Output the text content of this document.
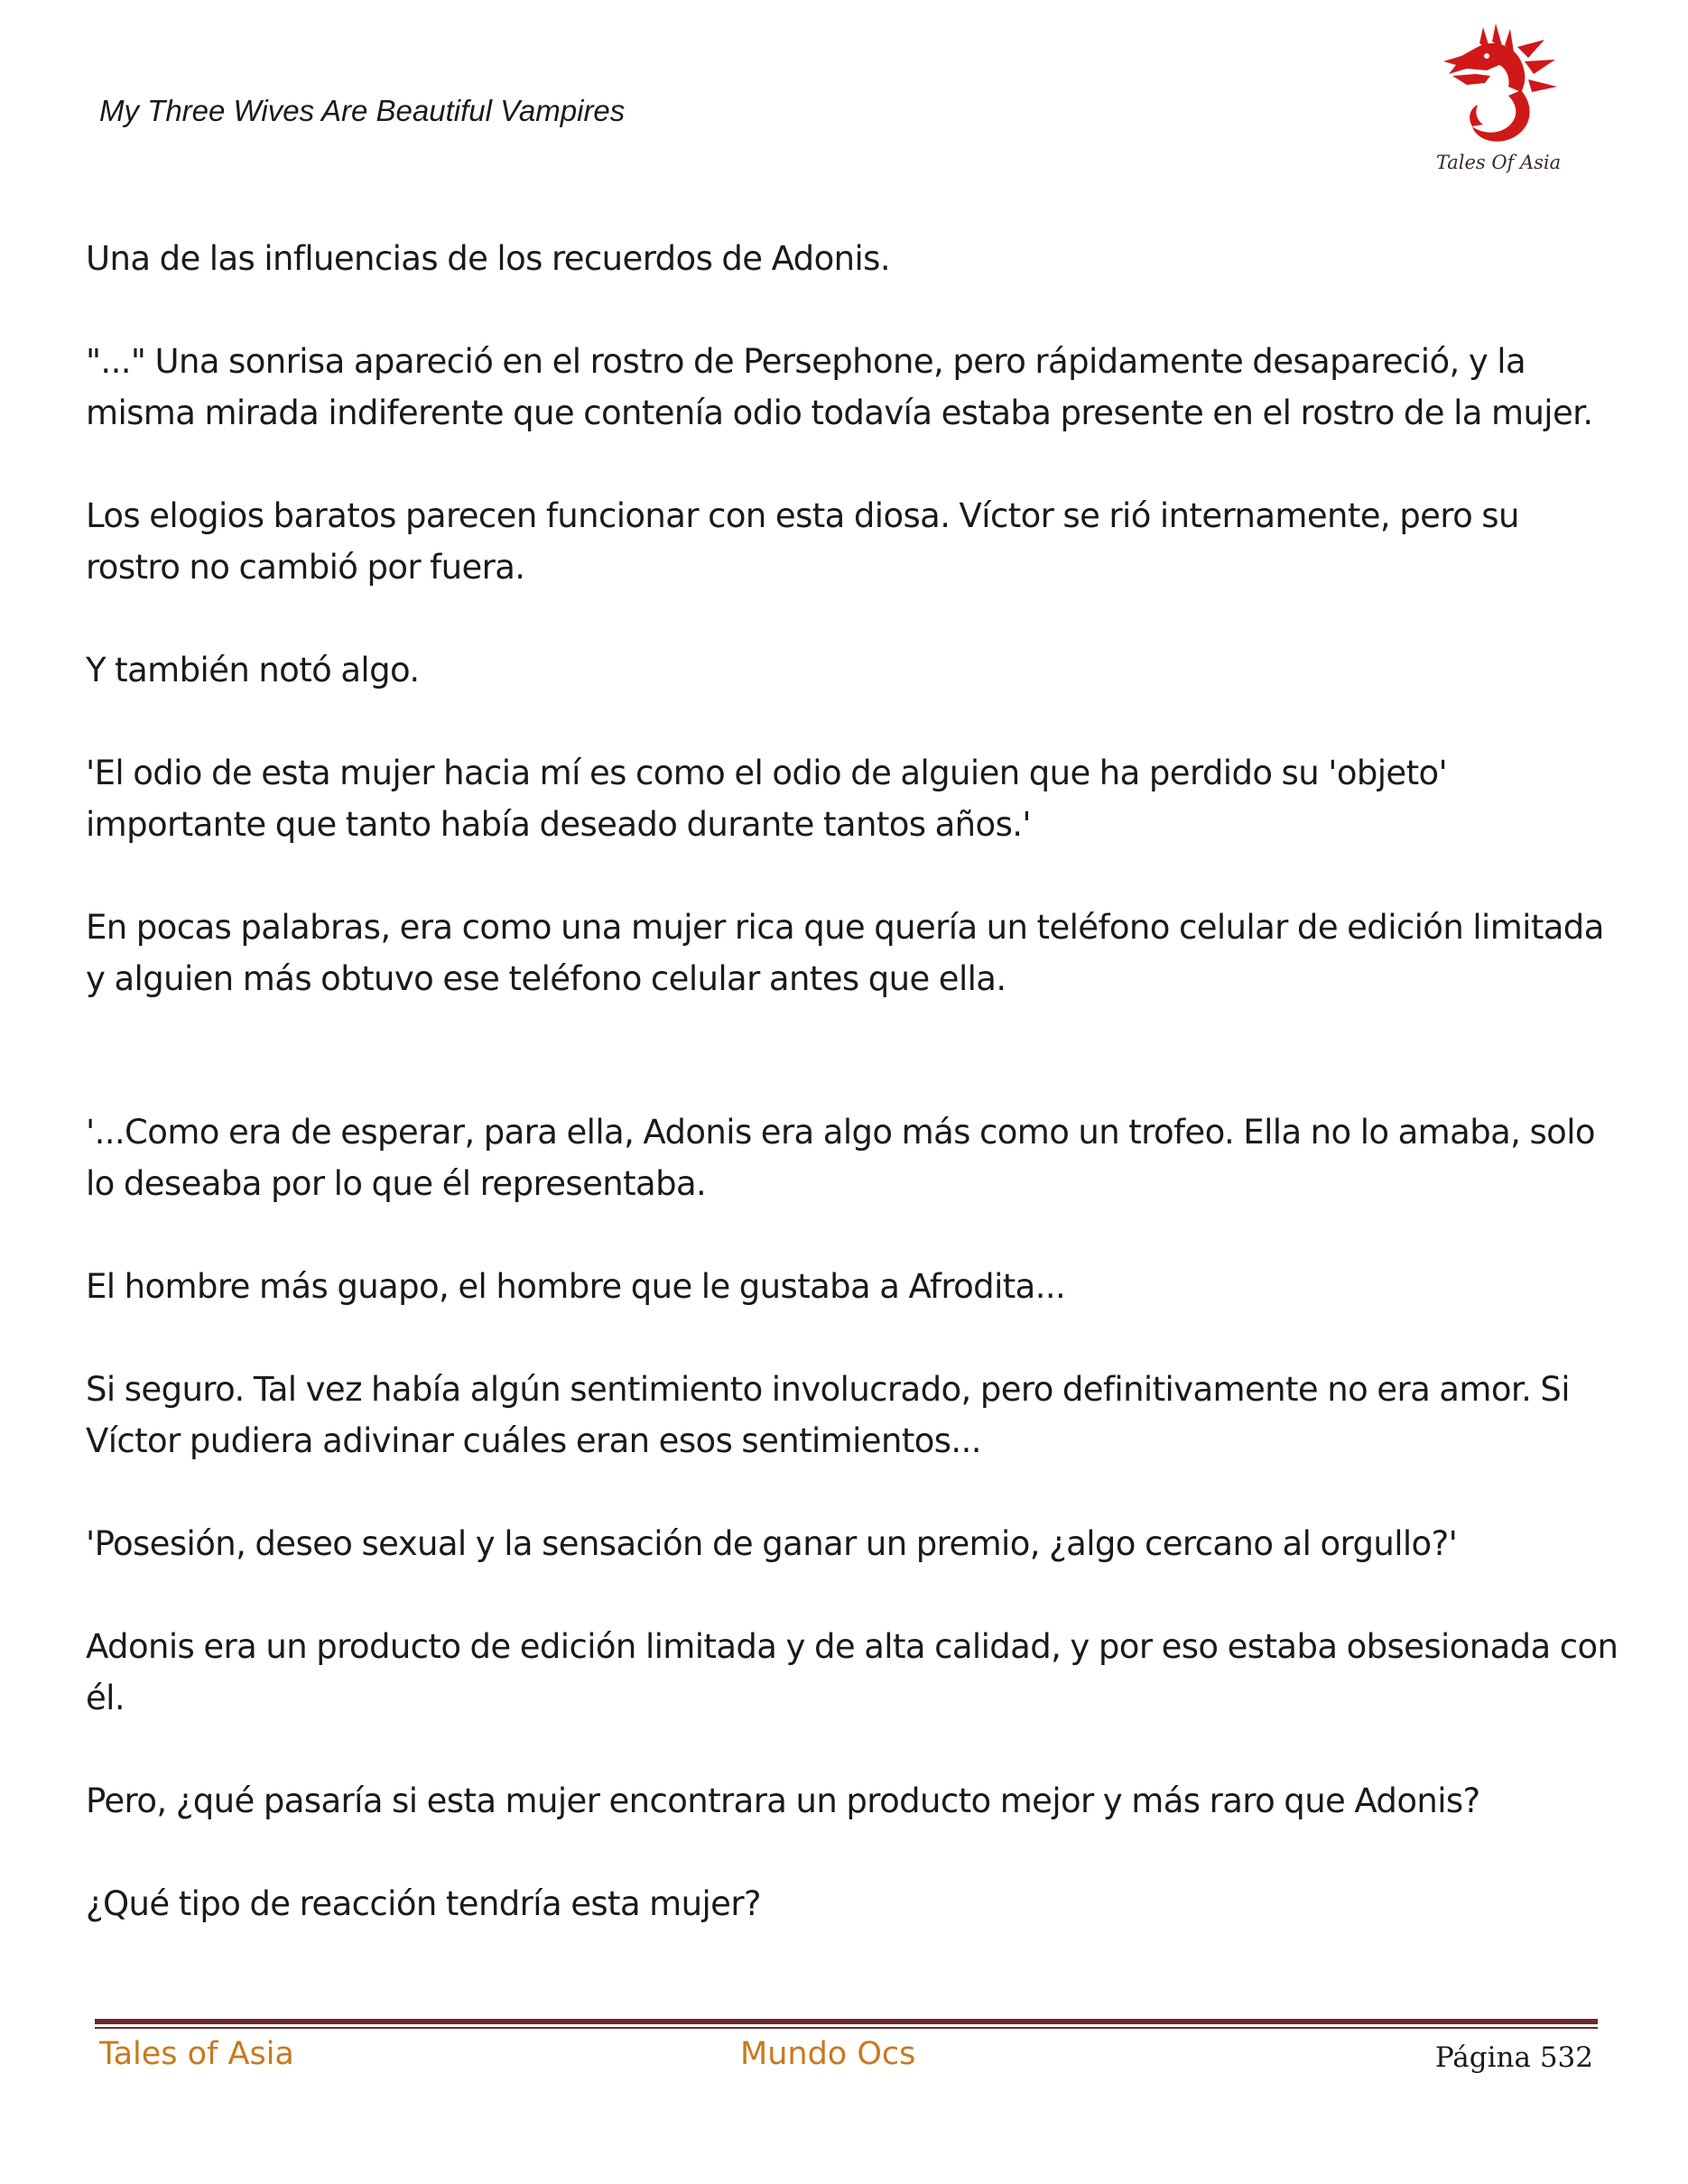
My Three Wives Are Beautiful Vampires
Tales Of Asia

Una de las influencias de los recuerdos de Adonis.

"..." Una sonrisa apareció en el rostro de Persephone, pero rápidamente desapareció, y la misma mirada indiferente que contenía odio todavía estaba presente en el rostro de la mujer.

Los elogios baratos parecen funcionar con esta diosa. Víctor se rió internamente, pero su rostro no cambió por fuera.

Y también notó algo.

'El odio de esta mujer hacia mí es como el odio de alguien que ha perdido su 'objeto' importante que tanto había deseado durante tantos años.'

En pocas palabras, era como una mujer rica que quería un teléfono celular de edición limitada y alguien más obtuvo ese teléfono celular antes que ella.

'...Como era de esperar, para ella, Adonis era algo más como un trofeo. Ella no lo amaba, solo lo deseaba por lo que él representaba.

El hombre más guapo, el hombre que le gustaba a Afrodita...

Si seguro. Tal vez había algún sentimiento involucrado, pero definitivamente no era amor. Si Víctor pudiera adivinar cuáles eran esos sentimientos...

'Posesión, deseo sexual y la sensación de ganar un premio, ¿algo cercano al orgullo?'

Adonis era un producto de edición limitada y de alta calidad, y por eso estaba obsesionada con él.

Pero, ¿qué pasaría si esta mujer encontrara un producto mejor y más raro que Adonis?

¿Qué tipo de reacción tendría esta mujer?

Tales of Asia	Mundo Ocs	Página 532
